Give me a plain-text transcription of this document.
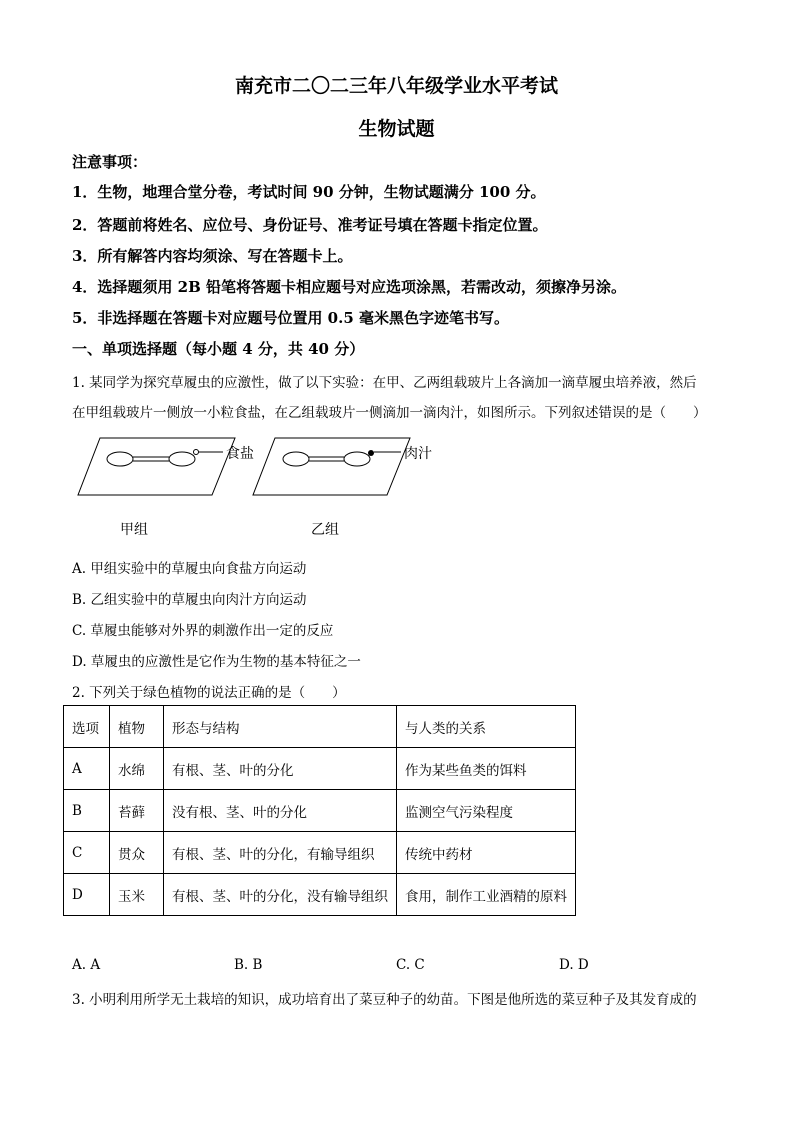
南充市二〇二三年八年级学业水平考试
生物试题
注意事项：
1．生物，地理合堂分卷，考试时间 90 分钟，生物试题满分 100 分。
2．答题前将姓名、应位号、身份证号、准考证号填在答题卡指定位置。
3．所有解答内容均须涂、写在答题卡上。
4．选择题须用 2B 铅笔将答题卡相应题号对应选项涂黑，若需改动，须擦净另涂。
5．非选择题在答题卡对应题号位置用 0.5 毫米黑色字迹笔书写。
一、单项选择题（每小题 4 分，共 40 分）
1. 某同学为探究草履虫的应激性，做了以下实验：在甲、乙两组载玻片上各滴加一滴草履虫培养液，然后
在甲组载玻片一侧放一小粒食盐，在乙组载玻片一侧滴加一滴肉汁，如图所示。下列叙述错误的是（　　）
食盐	肉汁
甲组	乙组
A. 甲组实验中的草履虫向食盐方向运动
B. 乙组实验中的草履虫向肉汁方向运动
C. 草履虫能够对外界的刺激作出一定的反应
D. 草履虫的应激性是它作为生物的基本特征之一
2. 下列关于绿色植物的说法正确的是（　　）
选项	植物	形态与结构	与人类的关系
A	水绵	有根、茎、叶的分化	作为某些鱼类的饵料
B	苔藓	没有根、茎、叶的分化	监测空气污染程度
C	贯众	有根、茎、叶的分化，有输导组织	传统中药材
D	玉米	有根、茎、叶的分化，没有输导组织	食用，制作工业酒精的原料
A. A	B. B	C. C	D. D
3. 小明利用所学无土栽培的知识，成功培育出了菜豆种子的幼苗。下图是他所选的菜豆种子及其发育成的
